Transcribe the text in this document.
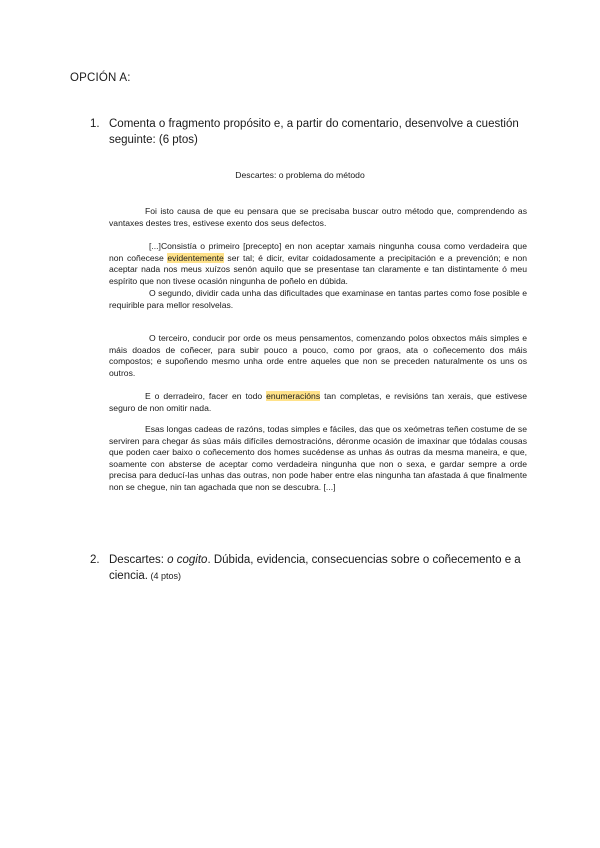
OPCIÓN A:
1. Comenta o fragmento propósito e, a partir do comentario, desenvolve a cuestión seguinte: (6 ptos)
Descartes: o problema do método
Foi isto causa de que eu pensara que se precisaba buscar outro método que, comprendendo as vantaxes destes tres, estivese exento dos seus defectos.
[...]Consistía o primeiro [precepto] en non aceptar xamais ningunha cousa como verdadeira que non coñecese evidentemente ser tal; é dicir, evitar coidadosamente a precipitación e a prevención; e non aceptar nada nos meus xuízos senón aquilo que se presentase tan claramente e tan distintamente ó meu espírito que non tivese ocasión ningunha de poñelo en dúbida.
O segundo, dividir cada unha das dificultades que examinase en tantas partes como fose posible e requirible para mellor resolvelas.
O terceiro, conducir por orde os meus pensamentos, comenzando polos obxectos máis simples e máis doados de coñecer, para subir pouco a pouco, como por graos, ata o coñecemento dos máis compostos; e supoñendo mesmo unha orde entre aqueles que non se preceden naturalmente os uns os outros.
E o derradeiro, facer en todo enumeracións tan completas, e revisións tan xerais, que estivese seguro de non omitir nada.
Esas longas cadeas de razóns, todas simples e fáciles, das que os xeómetras teñen costume de se serviren para chegar ás súas máis difíciles demostracións, déronme ocasión de imaxinar que tódalas cousas que poden caer baixo o coñecemento dos homes sucédense as unhas ás outras da mesma maneira, e que, soamente con absterse de aceptar como verdadeira ningunha que non o sexa, e gardar sempre a orde precisa para deducí-las unhas das outras, non pode haber entre elas ningunha tan afastada á que finalmente non se chegue, nin tan agachada que non se descubra. [...]
2. Descartes: o cogito. Dúbida, evidencia, consecuencias sobre o coñecemento e a ciencia. (4 ptos)
